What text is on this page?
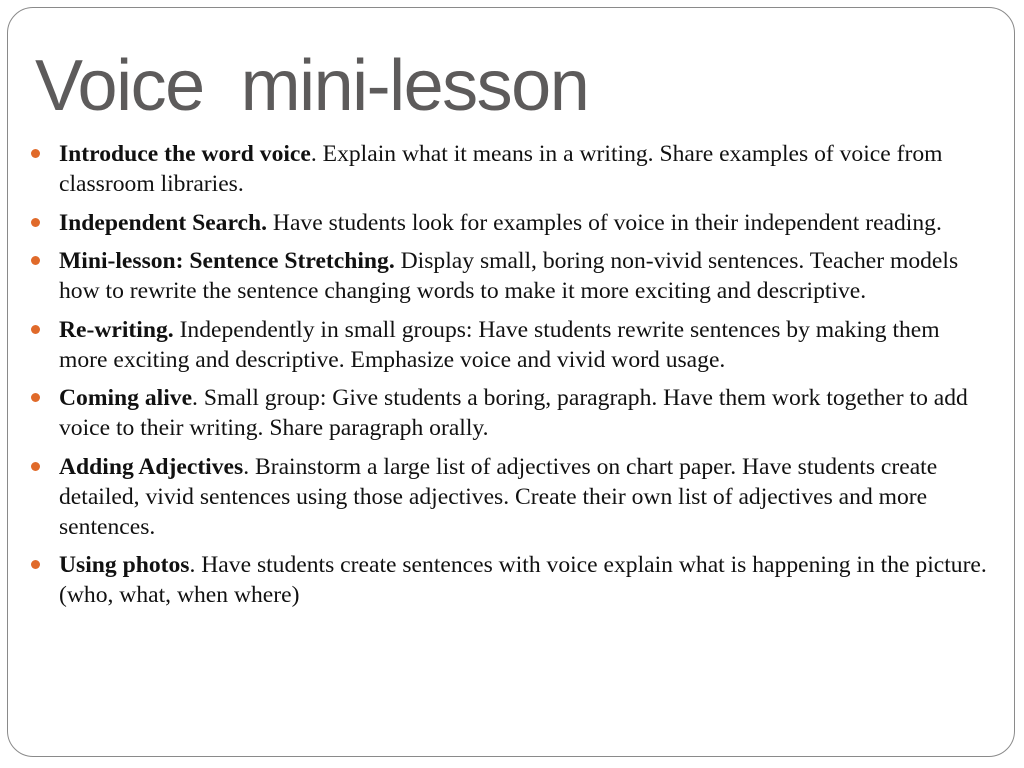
Voice  mini-lesson
Introduce the word voice. Explain what it means in a writing. Share examples of voice from classroom libraries.
Independent Search. Have students look for examples of voice in their independent reading.
Mini-lesson: Sentence Stretching. Display small, boring non-vivid sentences. Teacher models how to rewrite the sentence changing words to make it more exciting and descriptive.
Re-writing. Independently in small groups: Have students rewrite sentences by making them more exciting and descriptive. Emphasize voice and vivid word usage.
Coming alive. Small group: Give students a boring, paragraph. Have them work together to add voice to their writing. Share paragraph orally.
Adding Adjectives. Brainstorm a large list of adjectives on chart paper. Have students create detailed, vivid sentences using those adjectives. Create their own list of adjectives and more sentences.
Using photos. Have students create sentences with voice explain what is happening in the picture. (who, what, when where)
